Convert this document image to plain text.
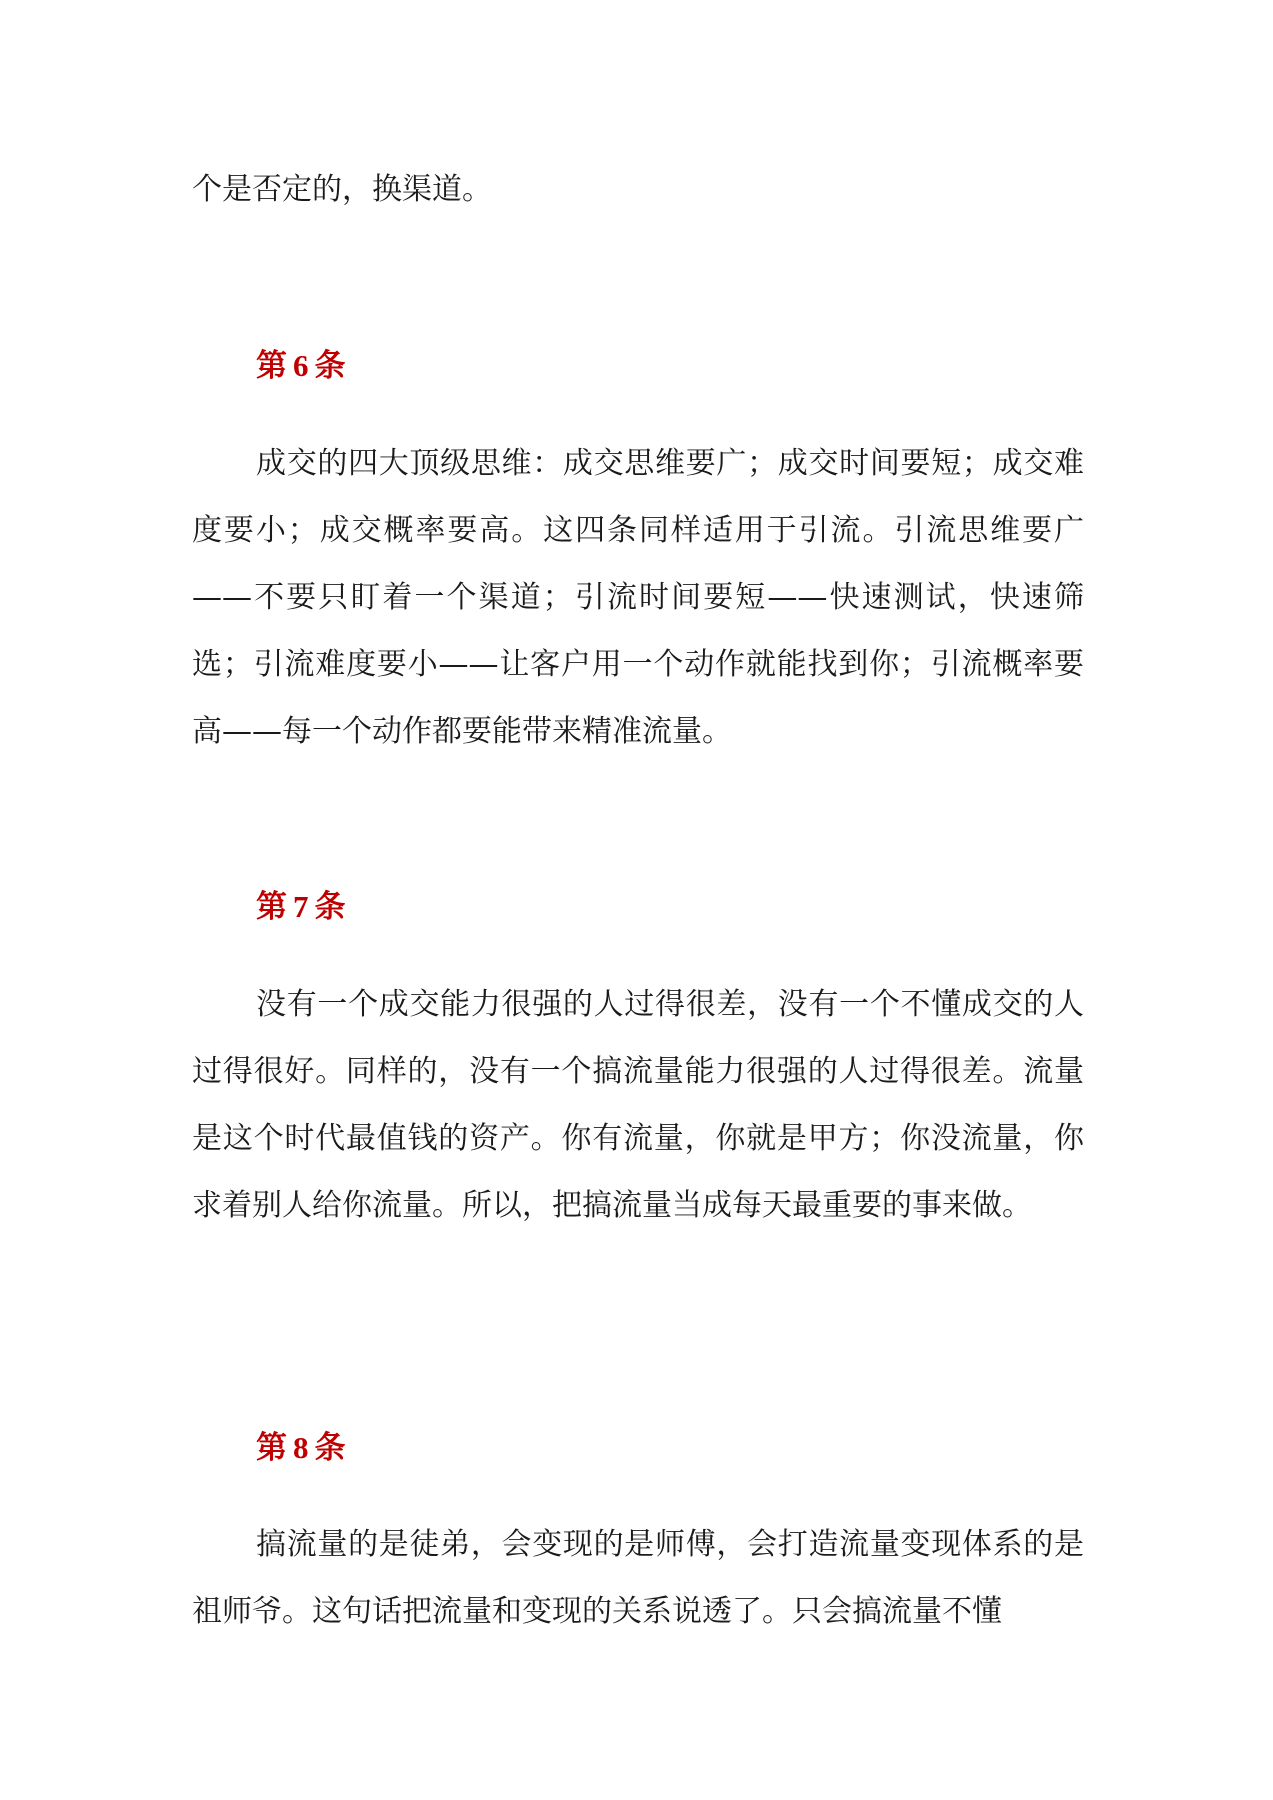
个是否定的，换渠道。

第 6 条

成交的四大顶级思维：成交思维要广；成交时间要短；成交难度要小；成交概率要高。这四条同样适用于引流。引流思维要广——不要只盯着一个渠道；引流时间要短——快速测试，快速筛选；引流难度要小——让客户用一个动作就能找到你；引流概率要高——每一个动作都要能带来精准流量。

第 7 条

没有一个成交能力很强的人过得很差，没有一个不懂成交的人过得很好。同样的，没有一个搞流量能力很强的人过得很差。流量是这个时代最值钱的资产。你有流量，你就是甲方；你没流量，你求着别人给你流量。所以，把搞流量当成每天最重要的事来做。

第 8 条

搞流量的是徒弟，会变现的是师傅，会打造流量变现体系的是祖师爷。这句话把流量和变现的关系说透了。只会搞流量不懂
